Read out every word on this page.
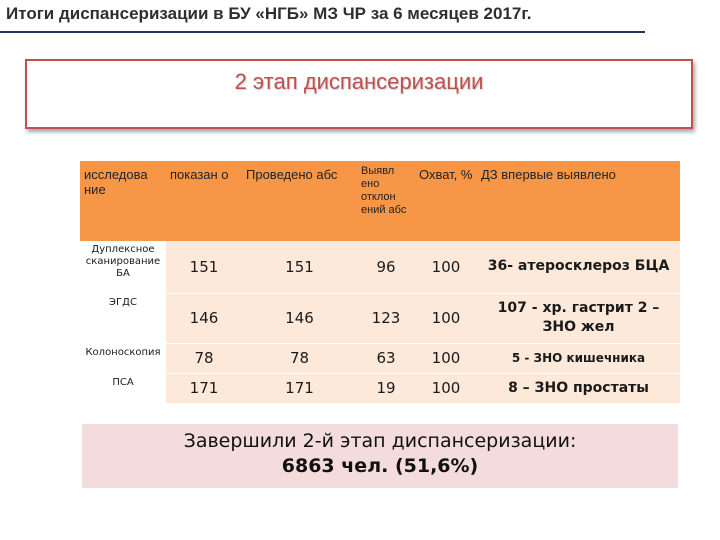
Итоги диспансеризации в БУ «НГБ» МЗ ЧР за 6 месяцев 2017г.
2 этап диспансеризации
исследова ние	показан о	Проведено абс	Выявл ено отклон ений абс	Охват, %	ДЗ впервые выявлено
Дуплексное сканирование БА	151	151	96	100	36- атеросклероз БЦА
ЭГДС	146	146	123	100	107 - хр. гастрит 2 – ЗНО жел
Колоноскопия	78	78	63	100	5 - ЗНО кишечника
ПСА	171	171	19	100	8 – ЗНО простаты
Завершили 2-й этап диспансеризации:
6863 чел. (51,6%)
